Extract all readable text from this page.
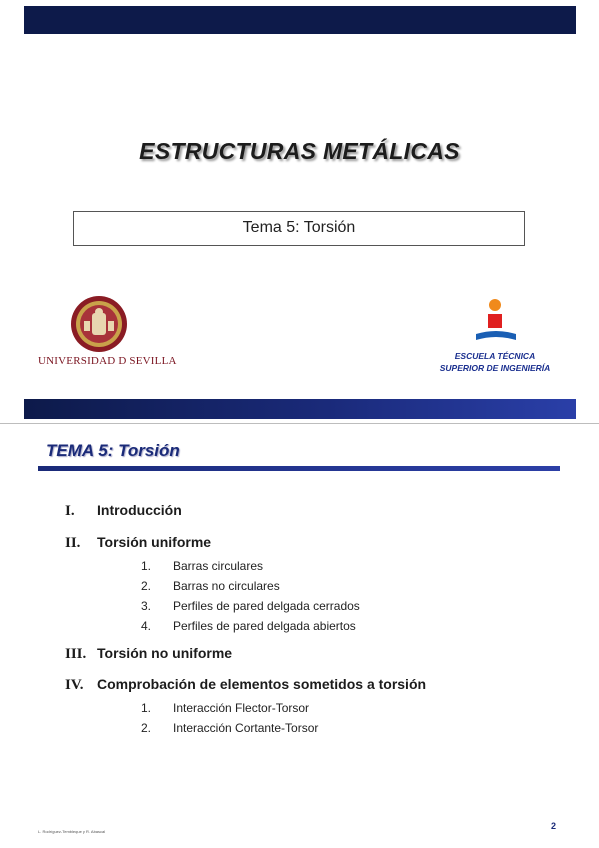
ESTRUCTURAS METÁLICAS
Tema 5: Torsión
UNIVERSIDAD D SEVILLA	ESCUELA TÉCNICA
SUPERIOR DE INGENIERÍA
TEMA 5: Torsión
I. Introducción
II. Torsión uniforme
1. Barras circulares
2. Barras no circulares
3. Perfiles de pared delgada cerrados
4. Perfiles de pared delgada abiertos
III. Torsión no uniforme
IV. Comprobación de elementos sometidos a torsión
1. Interacción Flector-Torsor
2. Interacción Cortante-Torsor
L. Rodríguez-Tembleque y R. Abascal
2
